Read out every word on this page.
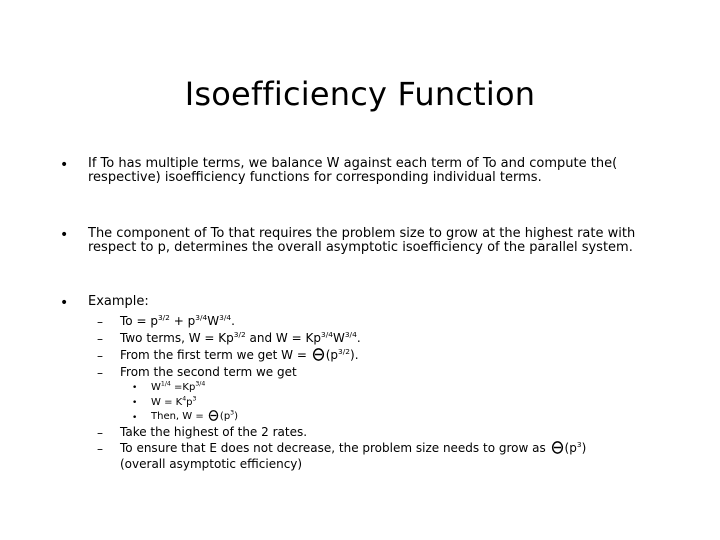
Isoefficiency Function
• If To has multiple terms, we balance W against each term of To and compute the( respective) isoefficiency functions for corresponding individual terms.
• The component of To that requires the problem size to grow at the highest rate with respect to p, determines the overall asymptotic isoefficiency of the parallel system.
• Example:
– $To = p^{3/2} + p^{3/4}W^{3/4}$.
– Two terms, $W = Kp^{3/2}$ and $W = Kp^{3/4}W^{3/4}$.
– From the first term we get $W = (p^{3/2})$.
– From the second term we get
• $W^{1/4} =Kp^{3/4}$
• $W = K^4p^3$
• Then, $W = (p^3)$
– Take the highest of the 2 rates.
– To ensure that E does not decrease, the problem size needs to grow as $(p^3)$
(overall asymptotic efficiency)
